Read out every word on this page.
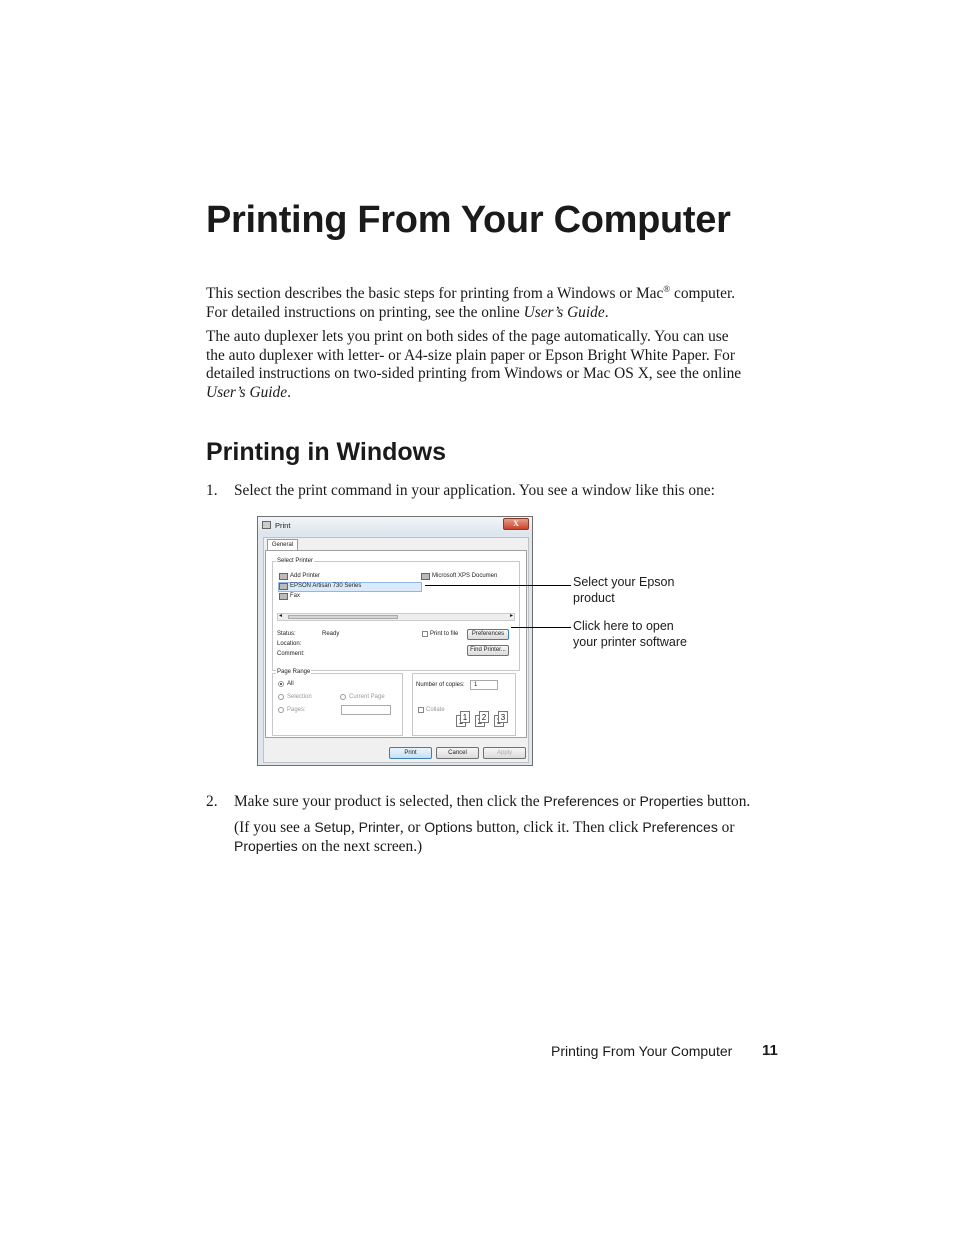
Printing From Your Computer
This section describes the basic steps for printing from a Windows or Mac® computer. For detailed instructions on printing, see the online User’s Guide.
The auto duplexer lets you print on both sides of the page automatically. You can use the auto duplexer with letter- or A4-size plain paper or Epson Bright White Paper. For detailed instructions on two-sided printing from Windows or Mac OS X, see the online User’s Guide.
Printing in Windows
1. Select the print command in your application. You see a window like this one:
Print	X
General
Select Printer
Add Printer
EPSON Artisan 730 Series
Fax
Microsoft XPS Documen
◂	▸
Status:	Ready
Location:
Comment:
Print to file	Preferences
Find Printer...
Page Range
All
Selection	Current Page
Pages:
Number of copies: 1
Collate
1	2	3
Print	Cancel	Apply
Select your Epson
product
Click here to open
your printer software
2. Make sure your product is selected, then click the Preferences or Properties button.
(If you see a Setup, Printer, or Options button, click it. Then click Preferences or Properties on the next screen.)
Printing From Your Computer 11
